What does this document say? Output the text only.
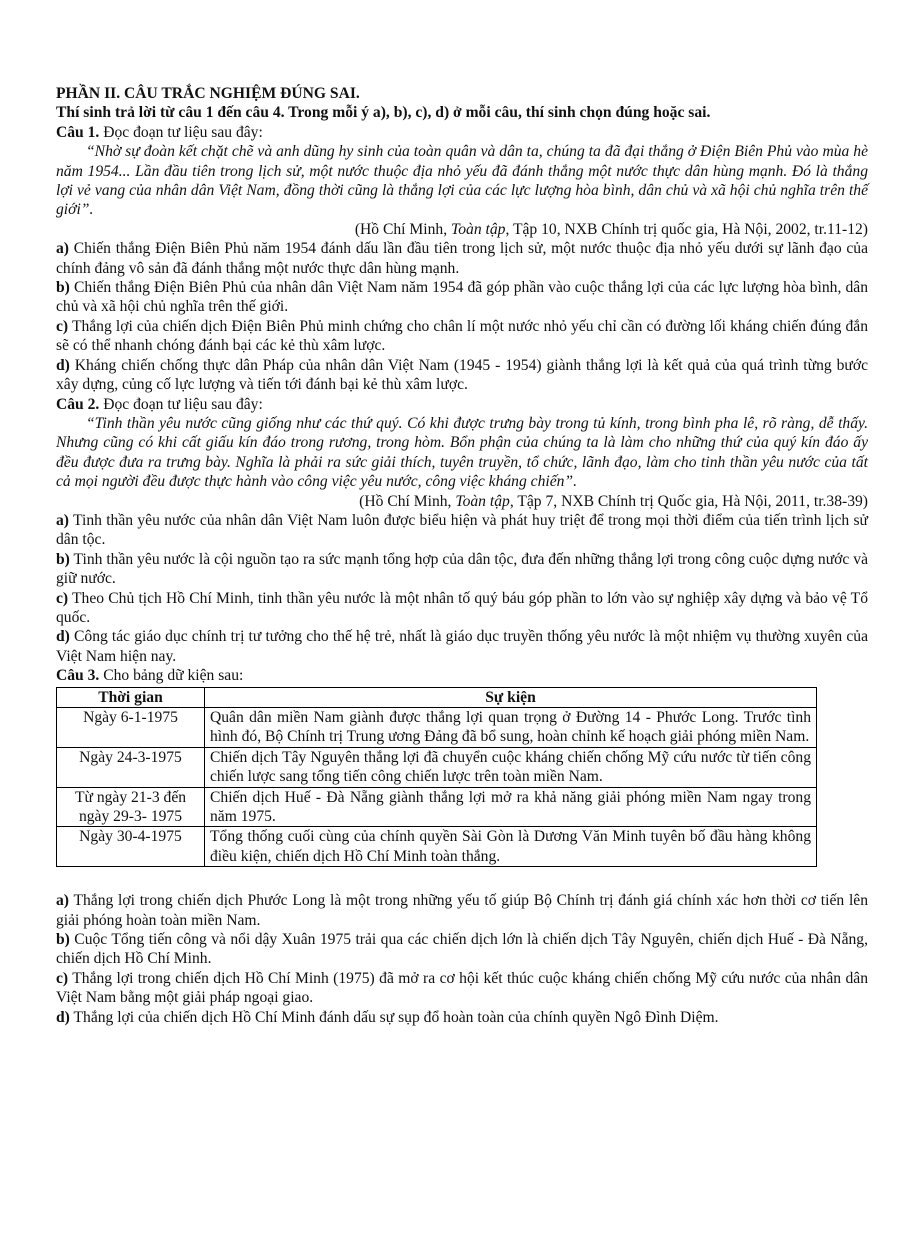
PHẦN II. CÂU TRẮC NGHIỆM ĐÚNG SAI.

Thí sinh trả lời từ câu 1 đến câu 4. Trong mỗi ý a), b), c), d) ở mỗi câu, thí sinh chọn đúng hoặc sai.

Câu 1. Đọc đoạn tư liệu sau đây:

“Nhờ sự đoàn kết chặt chẽ và anh dũng hy sinh của toàn quân và dân ta, chúng ta đã đại thắng ở Điện Biên Phủ vào mùa hè năm 1954... Lần đầu tiên trong lịch sử, một nước thuộc địa nhỏ yếu đã đánh thắng một nước thực dân hùng mạnh. Đó là thắng lợi vẻ vang của nhân dân Việt Nam, đồng thời cũng là thắng lợi của các lực lượng hòa bình, dân chủ và xã hội chủ nghĩa trên thế giới”.

(Hồ Chí Minh, Toàn tập, Tập 10, NXB Chính trị quốc gia, Hà Nội, 2002, tr.11-12)

a) Chiến thắng Điện Biên Phủ năm 1954 đánh dấu lần đầu tiên trong lịch sử, một nước thuộc địa nhỏ yếu dưới sự lãnh đạo của chính đảng vô sản đã đánh thắng một nước thực dân hùng mạnh.

b) Chiến thắng Điện Biên Phủ của nhân dân Việt Nam năm 1954 đã góp phần vào cuộc thắng lợi của các lực lượng hòa bình, dân chủ và xã hội chủ nghĩa trên thế giới.

c) Thắng lợi của chiến dịch Điện Biên Phủ minh chứng cho chân lí một nước nhỏ yếu chỉ cần có đường lối kháng chiến đúng đắn sẽ có thể nhanh chóng đánh bại các kẻ thù xâm lược.

d) Kháng chiến chống thực dân Pháp của nhân dân Việt Nam (1945 - 1954) giành thắng lợi là kết quả của quá trình từng bước xây dựng, củng cố lực lượng và tiến tới đánh bại kẻ thù xâm lược.

Câu 2. Đọc đoạn tư liệu sau đây:

“Tinh thần yêu nước cũng giống như các thứ quý. Có khi được trưng bày trong tủ kính, trong bình pha lê, rõ ràng, dễ thấy. Nhưng cũng có khi cất giấu kín đáo trong rương, trong hòm. Bổn phận của chúng ta là làm cho những thứ của quý kín đáo ấy đều được đưa ra trưng bày. Nghĩa là phải ra sức giải thích, tuyên truyền, tổ chức, lãnh đạo, làm cho tinh thần yêu nước của tất cả mọi người đều được thực hành vào công việc yêu nước, công việc kháng chiến”.

(Hồ Chí Minh, Toàn tập, Tập 7, NXB Chính trị Quốc gia, Hà Nội, 2011, tr.38-39)

a) Tinh thần yêu nước của nhân dân Việt Nam luôn được biểu hiện và phát huy triệt để trong mọi thời điểm của tiến trình lịch sử dân tộc.

b) Tinh thần yêu nước là cội nguồn tạo ra sức mạnh tổng hợp của dân tộc, đưa đến những thắng lợi trong công cuộc dựng nước và giữ nước.

c) Theo Chủ tịch Hồ Chí Minh, tinh thần yêu nước là một nhân tố quý báu góp phần to lớn vào sự nghiệp xây dựng và bảo vệ Tổ quốc.

d) Công tác giáo dục chính trị tư tưởng cho thế hệ trẻ, nhất là giáo dục truyền thống yêu nước là một nhiệm vụ thường xuyên của Việt Nam hiện nay.

Câu 3. Cho bảng dữ kiện sau:

Thời gian	Sự kiện
Ngày 6-1-1975	Quân dân miền Nam giành được thắng lợi quan trọng ở Đường 14 - Phước Long. Trước tình hình đó, Bộ Chính trị Trung ương Đảng đã bổ sung, hoàn chỉnh kế hoạch giải phóng miền Nam.
Ngày 24-3-1975	Chiến dịch Tây Nguyên thắng lợi đã chuyển cuộc kháng chiến chống Mỹ cứu nước từ tiến công chiến lược sang tổng tiến công chiến lược trên toàn miền Nam.
Từ ngày 21-3 đến ngày 29-3- 1975	Chiến dịch Huế - Đà Nẵng giành thắng lợi mở ra khả năng giải phóng miền Nam ngay trong năm 1975.
Ngày 30-4-1975	Tổng thống cuối cùng của chính quyền Sài Gòn là Dương Văn Minh tuyên bố đầu hàng không điều kiện, chiến dịch Hồ Chí Minh toàn thắng.

a) Thắng lợi trong chiến dịch Phước Long là một trong những yếu tố giúp Bộ Chính trị đánh giá chính xác hơn thời cơ tiến lên giải phóng hoàn toàn miền Nam.

b) Cuộc Tổng tiến công và nổi dậy Xuân 1975 trải qua các chiến dịch lớn là chiến dịch Tây Nguyên, chiến dịch Huế - Đà Nẵng, chiến dịch Hồ Chí Minh.

c) Thắng lợi trong chiến dịch Hồ Chí Minh (1975) đã mở ra cơ hội kết thúc cuộc kháng chiến chống Mỹ cứu nước của nhân dân Việt Nam bằng một giải pháp ngoại giao.

d) Thắng lợi của chiến dịch Hồ Chí Minh đánh dấu sự sụp đổ hoàn toàn của chính quyền Ngô Đình Diệm.
